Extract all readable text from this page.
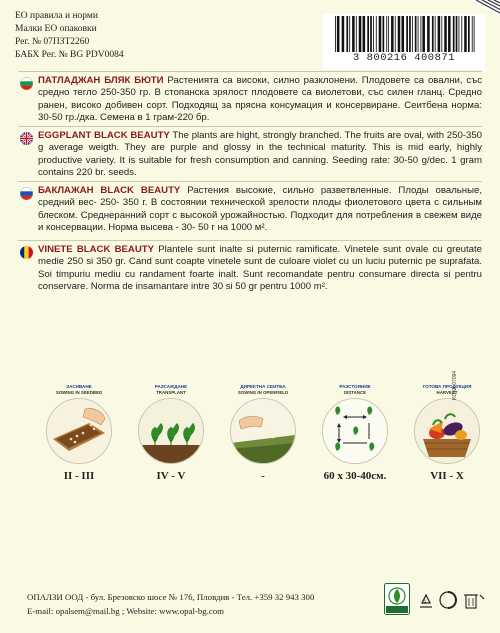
ЕО правила и норми
Малки ЕО опаковки
Рег. № 07ПЗТ2260
БАБХ Рег. № BG PDV0084	3 800216 400871
ПАТЛАДЖАН БЛЯК БЮТИ Растенията са високи, силно разклонени. Плодовете са овални, със средно тегло 250-350 гр. В стопанска зрялост плодовете са виолетови, със силен гланц. Средно ранен, високо добивен сорт. Подходящ за прясна консумация и консервиране. Сеитбена норма: 30-50 гр./дка. Семена в 1 грам-220 бр.
EGGPLANT BLACK BEAUTY The plants are hight, strongly branched. The fruits are oval, with 250-350 g average weigth. They are purple and glossy in the technical maturity. This is mid early, highly productive variety. It is suitable for fresh consumption and canning. Seeding rate: 30-50 g/dec. 1 gram contains 220 br. seeds.
БАКЛАЖАН BLACK BEAUTY Растения высокие, сильно разветвленные. Плоды овальные, средний вес- 250- 350 г. В состоянии технической зрелости плоды фиолетового цвета с сильным блеском. Среднеранний сорт с высокой урожайностью. Подходит для потребления в свежем виде и консервации. Норма высева - 30- 50 г на 1000 м².
VINETE BLACK BEAUTY Plantele sunt inalte si puternic ramificate. Vinetele sunt ovale cu greutate medie 250 si 350 gr. Cand sunt coapte vinetele sunt de culoare violet cu un luciu puternic pe suprafata. Soi timpuriu mediu cu randament foarte inalt. Sunt recomandate pentru consumare directa si pentru conservare. Norma de insamantare intre 30 si 50 gr pentru 1000 m².
ЗАСИВАНЕ
SOWING IN SEEDBED
II - III
РАЗСАЖДАНЕ
TRANSPLANT
IV - V
ДИРЕКТНА СЕИТБА
SOWING IN OPENFIELD
-
РАЗСТОЯНИЕ
DISTANCE
60 х 30-40см.
ГОТОВА ПРОДУКЦИЯ
HARVEST
VII - X
KOVA-07094
ОПАЛЗИ ООД - бул. Брезовско шосе № 176, Пловдив - Тел. +359 32 943 300
E-mail: opalsem@mail.bg ; Website: www.opal-bg.com
5
